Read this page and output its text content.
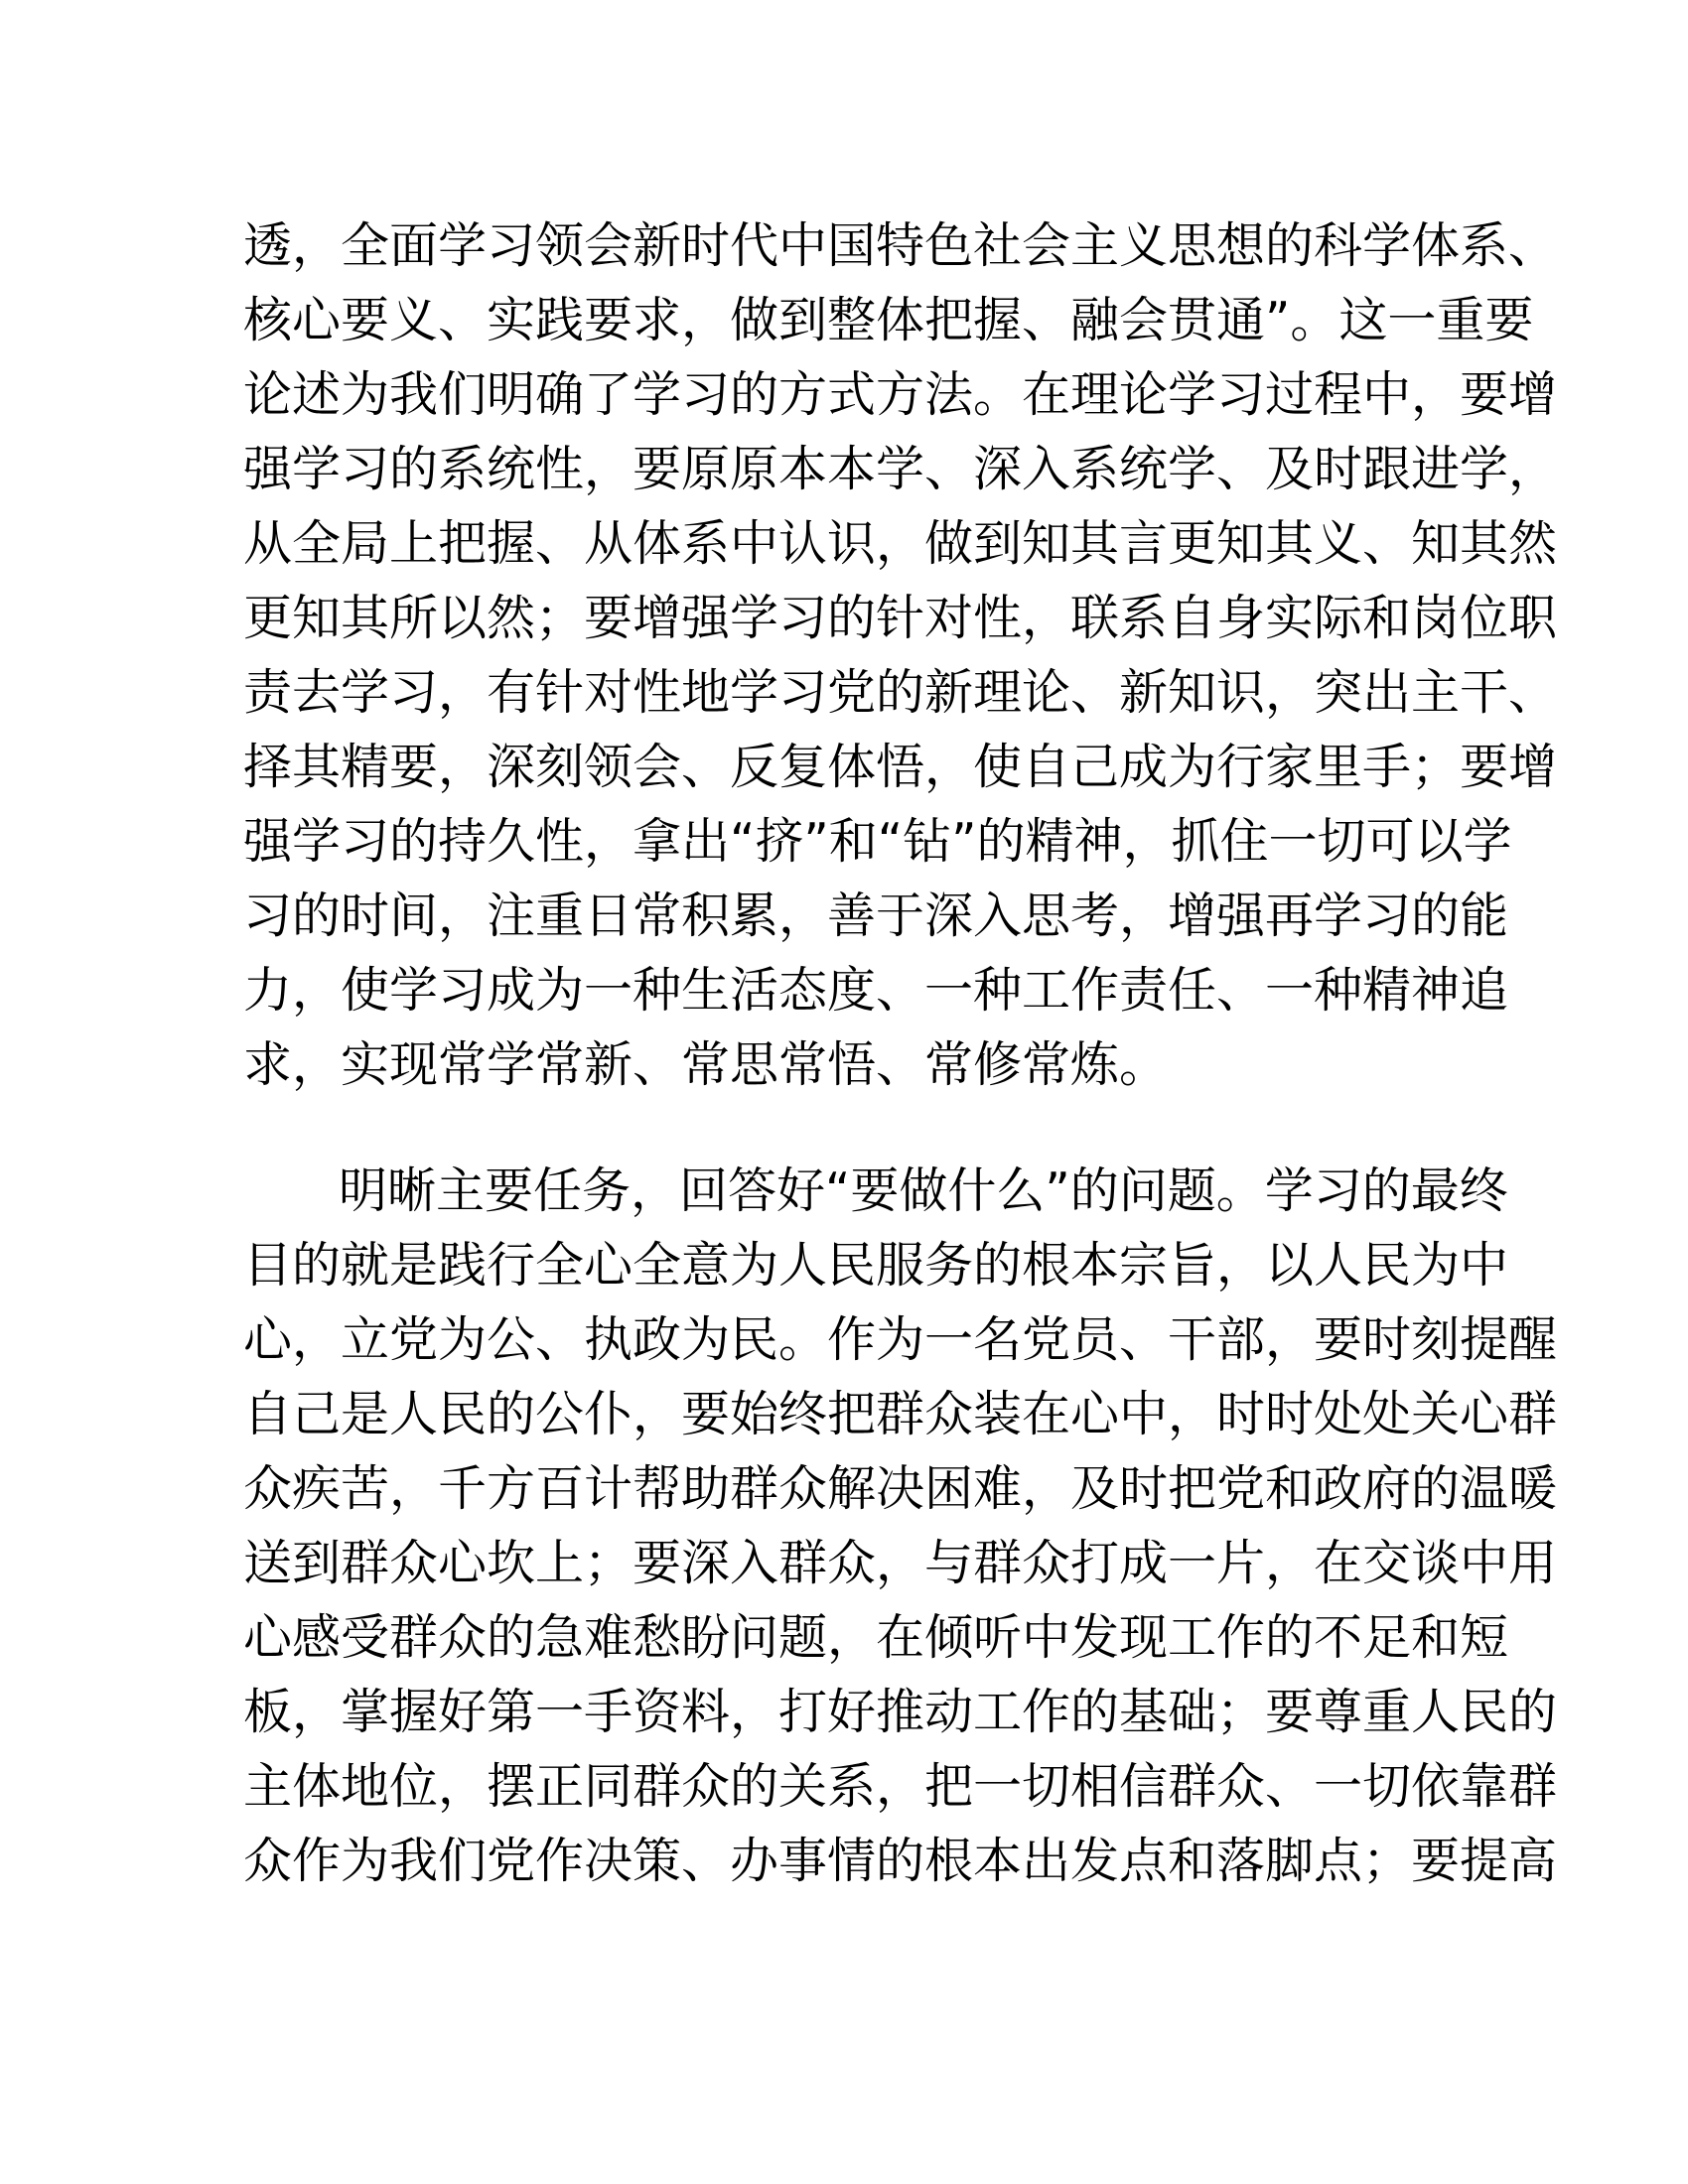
透，全面学习领会新时代中国特色社会主义思想的科学体系、
核心要义、实践要求，做到整体把握、融会贯通”。这一重要
论述为我们明确了学习的方式方法。在理论学习过程中，要增
强学习的系统性，要原原本本学、深入系统学、及时跟进学，
从全局上把握、从体系中认识，做到知其言更知其义、知其然
更知其所以然；要增强学习的针对性，联系自身实际和岗位职
责去学习，有针对性地学习党的新理论、新知识，突出主干、
择其精要，深刻领会、反复体悟，使自己成为行家里手；要增
强学习的持久性，拿出“挤”和“钻”的精神，抓住一切可以学
习的时间，注重日常积累，善于深入思考，增强再学习的能
力，使学习成为一种生活态度、一种工作责任、一种精神追
求，实现常学常新、常思常悟、常修常炼。
明晰主要任务，回答好“要做什么”的问题。学习的最终
目的就是践行全心全意为人民服务的根本宗旨，以人民为中
心，立党为公、执政为民。作为一名党员、干部，要时刻提醒
自己是人民的公仆，要始终把群众装在心中，时时处处关心群
众疾苦，千方百计帮助群众解决困难，及时把党和政府的温暖
送到群众心坎上；要深入群众，与群众打成一片，在交谈中用
心感受群众的急难愁盼问题，在倾听中发现工作的不足和短
板，掌握好第一手资料，打好推动工作的基础；要尊重人民的
主体地位，摆正同群众的关系，把一切相信群众、一切依靠群
众作为我们党作决策、办事情的根本出发点和落脚点；要提高
